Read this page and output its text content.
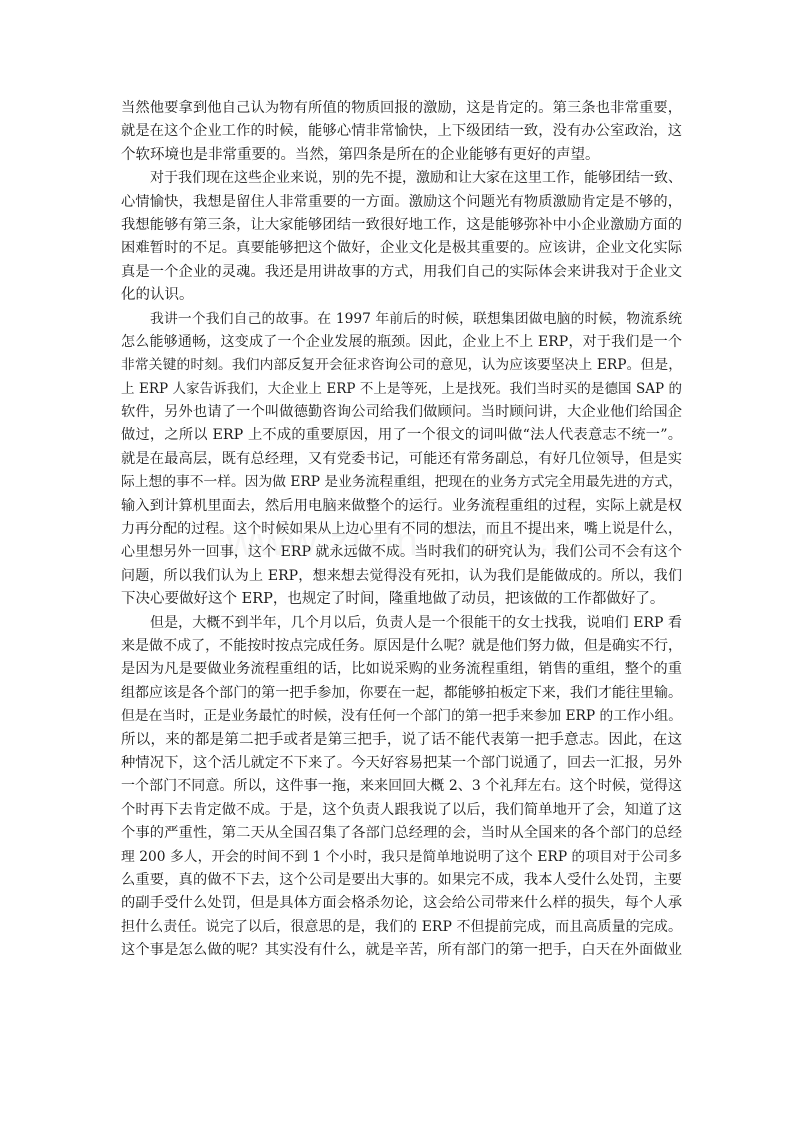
当然他要拿到他自己认为物有所值的物质回报的激励，这是肯定的。第三条也非常重要，
就是在这个企业工作的时候，能够心情非常愉快，上下级团结一致，没有办公室政治，这
个软环境也是非常重要的。当然，第四条是所在的企业能够有更好的声望。
对于我们现在这些企业来说，别的先不提，激励和让大家在这里工作，能够团结一致、
心情愉快，我想是留住人非常重要的一方面。激励这个问题光有物质激励肯定是不够的，
我想能够有第三条，让大家能够团结一致很好地工作，这是能够弥补中小企业激励方面的
困难暂时的不足。真要能够把这个做好，企业文化是极其重要的。应该讲，企业文化实际
真是一个企业的灵魂。我还是用讲故事的方式，用我们自己的实际体会来讲我对于企业文
化的认识。
我讲一个我们自己的故事。在 1997 年前后的时候，联想集团做电脑的时候，物流系统
怎么能够通畅，这变成了一个企业发展的瓶颈。因此，企业上不上 ERP，对于我们是一个
非常关键的时刻。我们内部反复开会征求咨询公司的意见，认为应该要坚决上 ERP。但是，
上 ERP 人家告诉我们，大企业上 ERP 不上是等死，上是找死。我们当时买的是德国 SAP 的
软件，另外也请了一个叫做德勤咨询公司给我们做顾问。当时顾问讲，大企业他们给国企
做过，之所以 ERP 上不成的重要原因，用了一个很文的词叫做“法人代表意志不统一”。
就是在最高层，既有总经理，又有党委书记，可能还有常务副总，有好几位领导，但是实
际上想的事不一样。因为做 ERP 是业务流程重组，把现在的业务方式完全用最先进的方式，
输入到计算机里面去，然后用电脑来做整个的运行。业务流程重组的过程，实际上就是权
力再分配的过程。这个时候如果从上边心里有不同的想法，而且不提出来，嘴上说是什么，
心里想另外一回事，这个 ERP 就永远做不成。当时我们的研究认为，我们公司不会有这个
问题，所以我们认为上 ERP，想来想去觉得没有死扣，认为我们是能做成的。所以，我们
下决心要做好这个 ERP，也规定了时间，隆重地做了动员，把该做的工作都做好了。
但是，大概不到半年，几个月以后，负责人是一个很能干的女士找我，说咱们 ERP 看
来是做不成了，不能按时按点完成任务。原因是什么呢？就是他们努力做，但是确实不行，
是因为凡是要做业务流程重组的话，比如说采购的业务流程重组，销售的重组，整个的重
组都应该是各个部门的第一把手参加，你要在一起，都能够拍板定下来，我们才能往里输。
但是在当时，正是业务最忙的时候，没有任何一个部门的第一把手来参加 ERP 的工作小组。
所以，来的都是第二把手或者是第三把手，说了话不能代表第一把手意志。因此，在这
种情况下，这个活儿就定不下来了。今天好容易把某一个部门说通了，回去一汇报，另外
一个部门不同意。所以，这件事一拖，来来回回大概 2、3 个礼拜左右。这个时候，觉得这
个时再下去肯定做不成。于是，这个负责人跟我说了以后，我们简单地开了会，知道了这
个事的严重性，第二天从全国召集了各部门总经理的会，当时从全国来的各个部门的总经
理 200 多人，开会的时间不到 1 个小时，我只是简单地说明了这个 ERP 的项目对于公司多
么重要，真的做不下去，这个公司是要出大事的。如果完不成，我本人受什么处罚，主要
的副手受什么处罚，但是具体方面会格杀勿论，这会给公司带来什么样的损失，每个人承
担什么责任。说完了以后，很意思的是，我们的 ERP 不但提前完成，而且高质量的完成。
这个事是怎么做的呢？其实没有什么，就是辛苦，所有部门的第一把手，白天在外面做业
